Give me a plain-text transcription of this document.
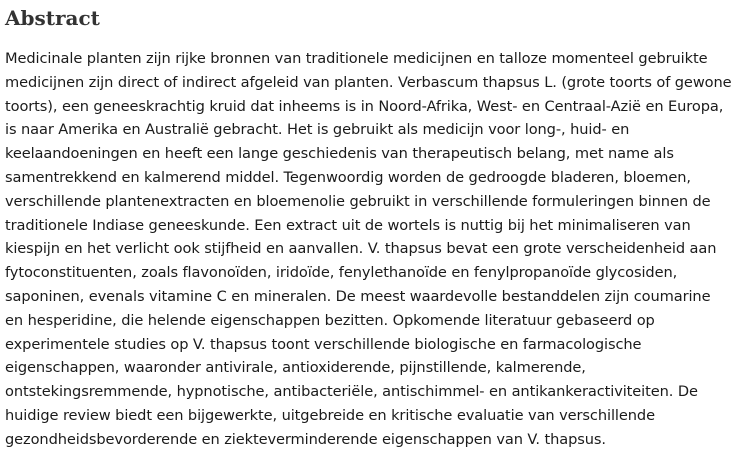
Abstract

Medicinale planten zijn rijke bronnen van traditionele medicijnen en talloze momenteel gebruikte medicijnen zijn direct of indirect afgeleid van planten. Verbascum thapsus L. (grote toorts of gewone toorts), een geneeskrachtig kruid dat inheems is in Noord-Afrika, West- en Centraal-Azië en Europa, is naar Amerika en Australië gebracht. Het is gebruikt als medicijn voor long-, huid- en keelaandoeningen en heeft een lange geschiedenis van therapeutisch belang, met name als samentrekkend en kalmerend middel. Tegenwoordig worden de gedroogde bladeren, bloemen, verschillende plantenextracten en bloemenolie gebruikt in verschillende formuleringen binnen de traditionele Indiase geneeskunde. Een extract uit de wortels is nuttig bij het minimaliseren van kiespijn en het verlicht ook stijfheid en aanvallen. V. thapsus bevat een grote verscheidenheid aan fytoconstituenten, zoals flavonoïden, iridoïde, fenylethanoïde en fenylpropanoïde glycosiden, saponinen, evenals vitamine C en mineralen. De meest waardevolle bestanddelen zijn coumarine en hesperidine, die helende eigenschappen bezitten. Opkomende literatuur gebaseerd op experimentele studies op V. thapsus toont verschillende biologische en farmacologische eigenschappen, waaronder antivirale, antioxiderende, pijnstillende, kalmerende, ontstekingsremmende, hypnotische, antibacteriële, antischimmel- en antikankeractiviteiten. De huidige review biedt een bijgewerkte, uitgebreide en kritische evaluatie van verschillende gezondheidsbevorderende en ziekteverminderende eigenschappen van V. thapsus.
